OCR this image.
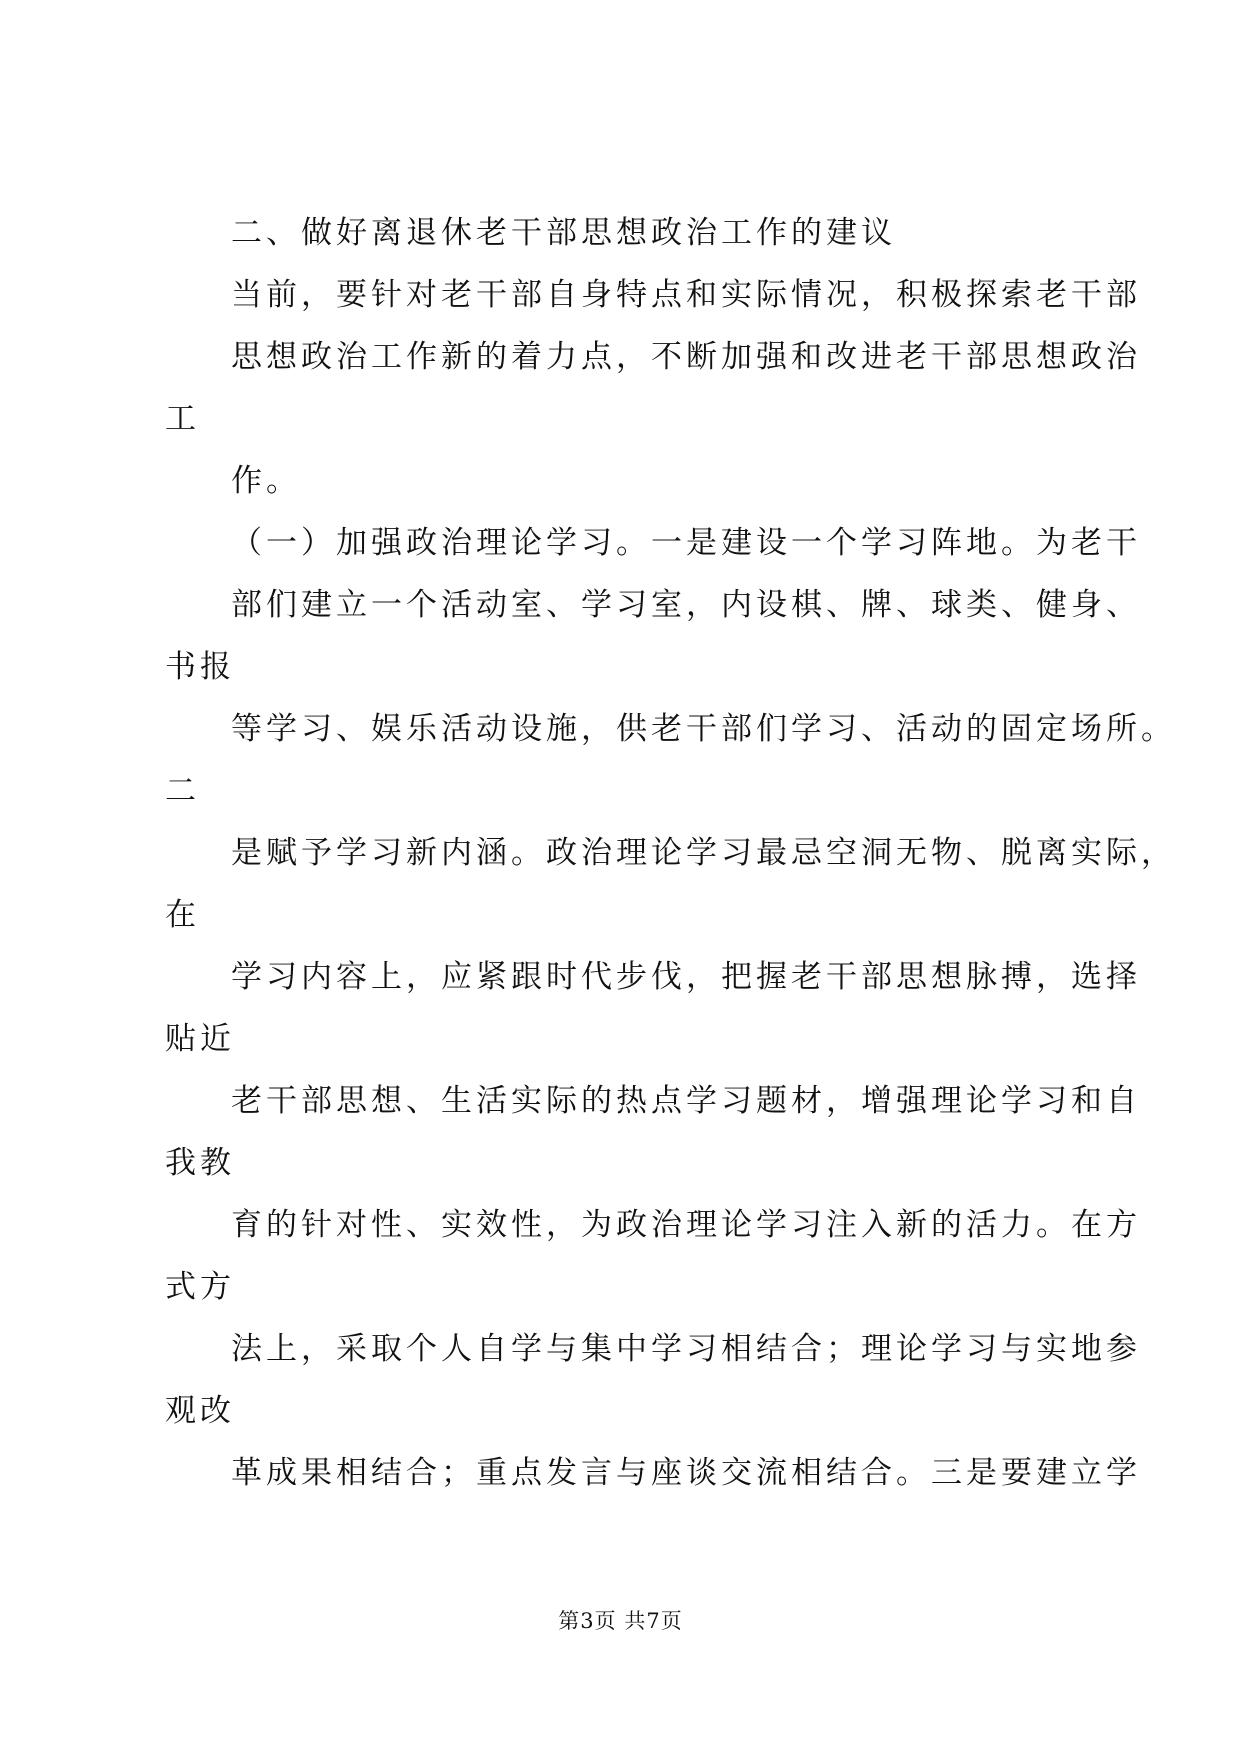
二、做好离退休老干部思想政治工作的建议
当前，要针对老干部自身特点和实际情况，积极探索老干部
思想政治工作新的着力点，不断加强和改进老干部思想政治
工
作。
（一）加强政治理论学习。一是建设一个学习阵地。为老干
部们建立一个活动室、学习室，内设棋、牌、球类、健身、
书报
等学习、娱乐活动设施，供老干部们学习、活动的固定场所。
二
是赋予学习新内涵。政治理论学习最忌空洞无物、脱离实际，
在
学习内容上，应紧跟时代步伐，把握老干部思想脉搏，选择
贴近
老干部思想、生活实际的热点学习题材，增强理论学习和自
我教
育的针对性、实效性，为政治理论学习注入新的活力。在方
式方
法上，采取个人自学与集中学习相结合；理论学习与实地参
观改
革成果相结合；重点发言与座谈交流相结合。三是要建立学
第3页 共7页
